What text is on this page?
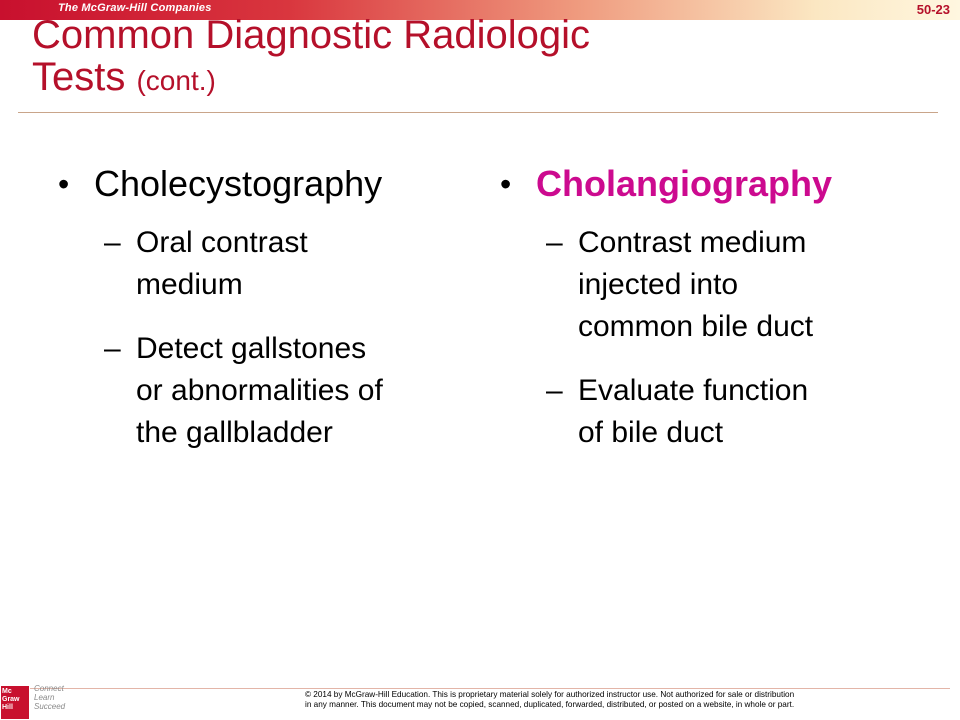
The McGraw-Hill Companies	50-23
Common Diagnostic Radiologic
Tests (cont.)
• Cholecystography
– Oral contrast
medium
– Detect gallstones
or abnormalities of
the gallbladder
• Cholangiography
– Contrast medium
injected into
common bile duct
– Evaluate function
of bile duct
Mc
Graw
Hill
Connect
Learn
Succeed
© 2014 by McGraw-Hill Education. This is proprietary material solely for authorized instructor use. Not authorized for sale or distribution
in any manner. This document may not be copied, scanned, duplicated, forwarded, distributed, or posted on a website, in whole or part.
